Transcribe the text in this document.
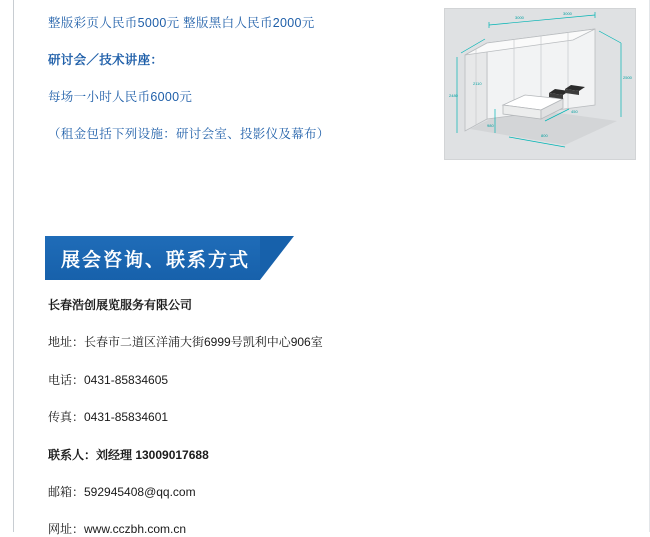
整版彩页人民币5000元 整版黑白人民币2000元
研讨会／技术讲座：
每场一小时人民币6000元
（租金包括下列设施：研讨会室、投影仪及幕布）
3000
3000
2500
2480
980
2110
800
450
展会咨询、联系方式
长春浩创展览服务有限公司
地址：长春市二道区洋浦大街6999号凯利中心906室
电话：0431-85834605
传真：0431-85834601
联系人：刘经理 13009017688
邮箱：592945408@qq.com
网址：www.cczbh.com.cn
